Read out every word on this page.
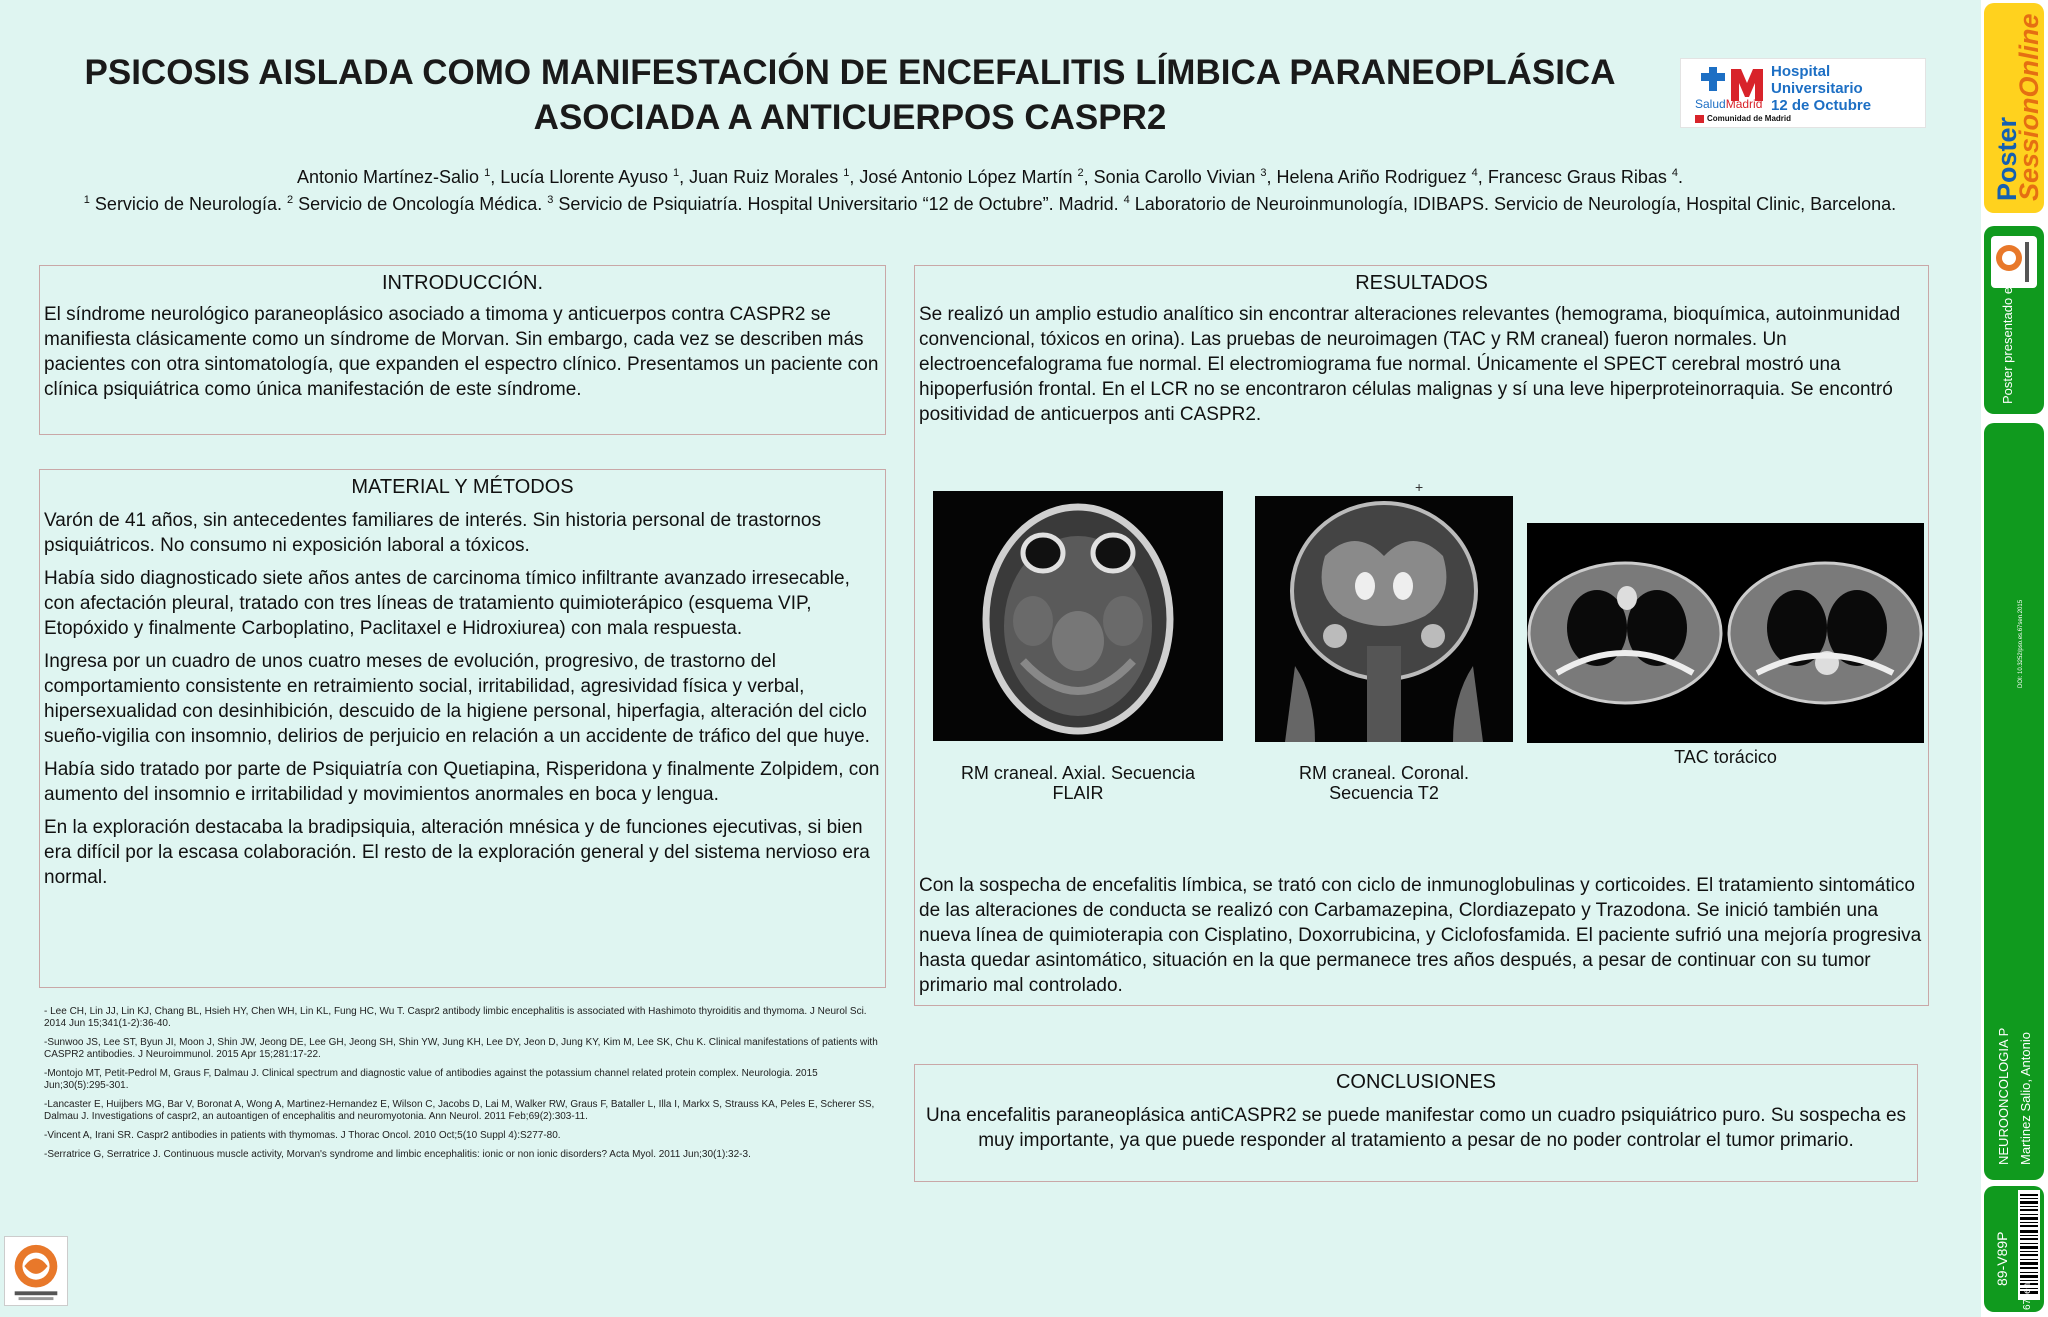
PSICOSIS AISLADA COMO MANIFESTACIÓN DE ENCEFALITIS LÍMBICA PARANEOPLÁSICA
ASOCIADA A ANTICUERPOS CASPR2
Hospital Universitario
12 de Octubre
SaludMadrid
Comunidad de Madrid
Antonio Martínez-Salio $^1$, Lucía Llorente Ayuso $^1$, Juan Ruiz Morales $^1$, José Antonio López Martín $^2$, Sonia Carollo Vivian $^3$, Helena Ariño Rodriguez $^4$, Francesc Graus Ribas $^4$.
$^1$ Servicio de Neurología. $^2$ Servicio de Oncología Médica. $^3$ Servicio de Psiquiatría. Hospital Universitario “12 de Octubre”. Madrid. $^4$ Laboratorio de Neuroinmunología, IDIBAPS. Servicio de Neurología, Hospital Clinic, Barcelona.
INTRODUCCIÓN.

El síndrome neurológico paraneoplásico asociado a timoma y anticuerpos contra CASPR2 se manifiesta clásicamente como un síndrome de Morvan. Sin embargo, cada vez se describen más pacientes con otra sintomatología, que expanden el espectro clínico. Presentamos un paciente con clínica psiquiátrica como única manifestación de este síndrome.

MATERIAL Y MÉTODOS

Varón de 41 años, sin antecedentes familiares de interés. Sin historia personal de trastornos psiquiátricos. No consumo ni exposición laboral a tóxicos.

Había sido diagnosticado siete años antes de carcinoma tímico infiltrante avanzado irresecable, con afectación pleural, tratado con tres líneas de tratamiento quimioterápico (esquema VIP, Etopóxido y finalmente Carboplatino, Paclitaxel e Hidroxiurea) con mala respuesta.

Ingresa por un cuadro de unos cuatro meses de evolución, progresivo, de trastorno del comportamiento consistente en retraimiento social, irritabilidad, agresividad física y verbal, hipersexualidad con desinhibición, descuido de la higiene personal, hiperfagia, alteración del ciclo sueño-vigilia con insomnio, delirios de perjuicio en relación a un accidente de tráfico del que huye.

Había sido tratado por parte de Psiquiatría con Quetiapina, Risperidona y finalmente Zolpidem, con aumento del insomnio e irritabilidad y movimientos anormales en boca y lengua.

En la exploración destacaba la bradipsiquia, alteración mnésica y de funciones ejecutivas, si bien era difícil por la escasa colaboración. El resto de la exploración general y del sistema nervioso era normal.

RESULTADOS

Se realizó un amplio estudio analítico sin encontrar alteraciones relevantes (hemograma, bioquímica, autoinmunidad convencional, tóxicos en orina). Las pruebas de neuroimagen (TAC y RM craneal) fueron normales. Un electroencefalograma fue normal. El electromiograma fue normal. Únicamente el SPECT cerebral mostró una hipoperfusión frontal. En el LCR no se encontraron células malignas y sí una leve hiperproteinorraquia. Se encontró positividad de anticuerpos anti CASPR2.

RM craneal. Axial. Secuencia FLAIR
+
RM craneal. Coronal. Secuencia T2
TAC torácico

Con la sospecha de encefalitis límbica, se trató con ciclo de inmunoglobulinas y corticoides. El tratamiento sintomático de las alteraciones de conducta se realizó con Carbamazepina, Clordiazepato y Trazodona. Se inició también una nueva línea de quimioterapia con Cisplatino, Doxorrubicina, y Ciclofosfamida. El paciente sufrió una mejoría progresiva hasta quedar asintomático, situación en la que permanece tres años después, a pesar de continuar con su tumor primario mal controlado.

CONCLUSIONES

Una encefalitis paraneoplásica antiCASPR2 se puede manifestar como un cuadro psiquiátrico puro. Su sospecha es muy importante, ya que puede responder al tratamiento a pesar de no poder controlar el tumor primario.

- Lee CH, Lin JJ, Lin KJ, Chang BL, Hsieh HY, Chen WH, Lin KL, Fung HC, Wu T. Caspr2 antibody limbic encephalitis is associated with Hashimoto thyroiditis and thymoma. J Neurol Sci. 2014 Jun 15;341(1-2):36-40.
-Sunwoo JS, Lee ST, Byun JI, Moon J, Shin JW, Jeong DE, Lee GH, Jeong SH, Shin YW, Jung KH, Lee DY, Jeon D, Jung KY, Kim M, Lee SK, Chu K. Clinical manifestations of patients with CASPR2 antibodies. J Neuroimmunol. 2015 Apr 15;281:17-22.
-Montojo MT, Petit-Pedrol M, Graus F, Dalmau J. Clinical spectrum and diagnostic value of antibodies against the potassium channel related protein complex. Neurologia. 2015 Jun;30(5):295-301.
-Lancaster E, Huijbers MG, Bar V, Boronat A, Wong A, Martinez-Hernandez E, Wilson C, Jacobs D, Lai M, Walker RW, Graus F, Bataller L, Illa I, Markx S, Strauss KA, Peles E, Scherer SS, Dalmau J. Investigations of caspr2, an autoantigen of encephalitis and neuromyotonia. Ann Neurol. 2011 Feb;69(2):303-11.
-Vincent A, Irani SR. Caspr2 antibodies in patients with thymomas. J Thorac Oncol. 2010 Oct;5(10 Suppl 4):S277-80.
-Serratrice G, Serratrice J. Continuous muscle activity, Morvan's syndrome and limbic encephalitis: ionic or non ionic disorders? Acta Myol. 2011 Jun;30(1):32-3.
Poster
SessionOnline
Poster presentado en:
DOI: 10.3252/pso.es.67sen.2015
NEUROONCOLOGIA P Martinez Salio, Antonio
89-V89P
67sen
